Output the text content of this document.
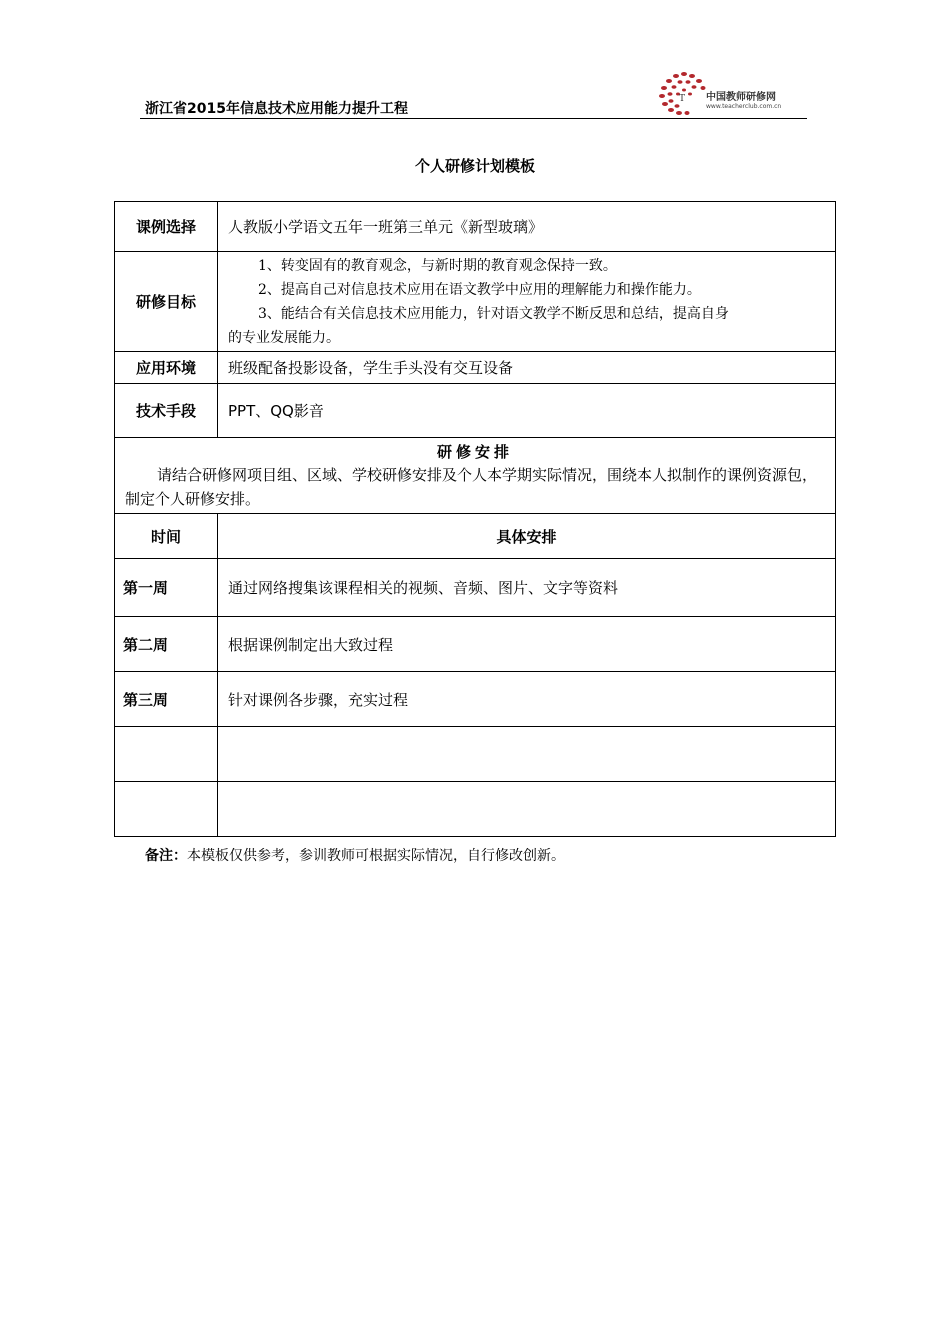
浙江省2015年信息技术应用能力提升工程
T 中国教师研修网
www.teacherclub.com.cn
个人研修计划模板
课例选择	人教版小学语文五年一班第三单元《新型玻璃》
研修目标	1、转变固有的教育观念，与新时期的教育观念保持一致。
2、提高自己对信息技术应用在语文教学中应用的理解能力和操作能力。
3、能结合有关信息技术应用能力，针对语文教学不断反思和总结，提高自身
的专业发展能力。

应用环境	班级配备投影设备，学生手头没有交互设备
技术手段	PPT、QQ影音

研修安排
请结合研修网项目组、区域、学校研修安排及个人本学期实际情况，围绕本人拟制作的课例资源包，制定个人研修安排。	

时间	具体安排
第一周	通过网络搜集该课程相关的视频、音频、图片、文字等资料
第二周	根据课例制定出大致过程
第三周	针对课例各步骤，充实过程

备注：本模板仅供参考，参训教师可根据实际情况，自行修改创新。
